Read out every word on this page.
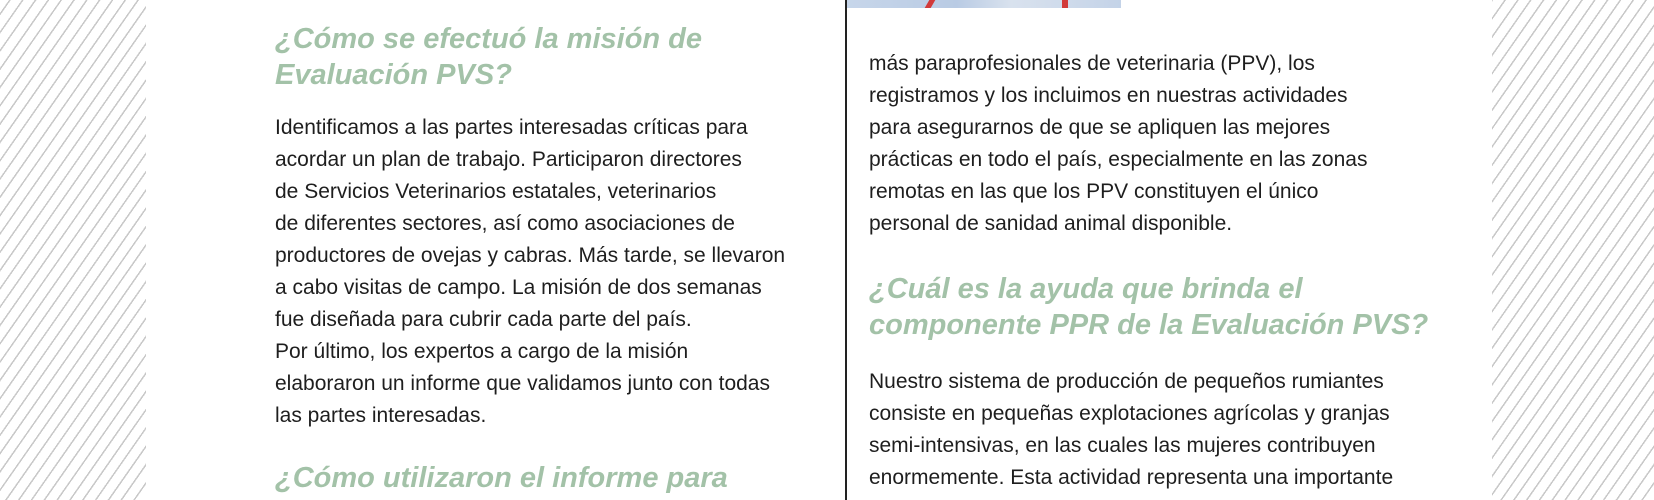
¿Cómo se efectuó la misión de
Evaluación PVS?

Identificamos a las partes interesadas críticas para
acordar un plan de trabajo. Participaron directores
de Servicios Veterinarios estatales, veterinarios
de diferentes sectores, así como asociaciones de
productores de ovejas y cabras. Más tarde, se llevaron
a cabo visitas de campo. La misión de dos semanas
fue diseñada para cubrir cada parte del país.
Por último, los expertos a cargo de la misión
elaboraron un informe que validamos junto con todas
las partes interesadas.

¿Cómo utilizaron el informe para

más paraprofesionales de veterinaria (PPV), los
registramos y los incluimos en nuestras actividades
para asegurarnos de que se apliquen las mejores
prácticas en todo el país, especialmente en las zonas
remotas en las que los PPV constituyen el único
personal de sanidad animal disponible.

¿Cuál es la ayuda que brinda el
componente PPR de la Evaluación PVS?

Nuestro sistema de producción de pequeños rumiantes
consiste en pequeñas explotaciones agrícolas y granjas
semi-intensivas, en las cuales las mujeres contribuyen
enormemente. Esta actividad representa una importante
